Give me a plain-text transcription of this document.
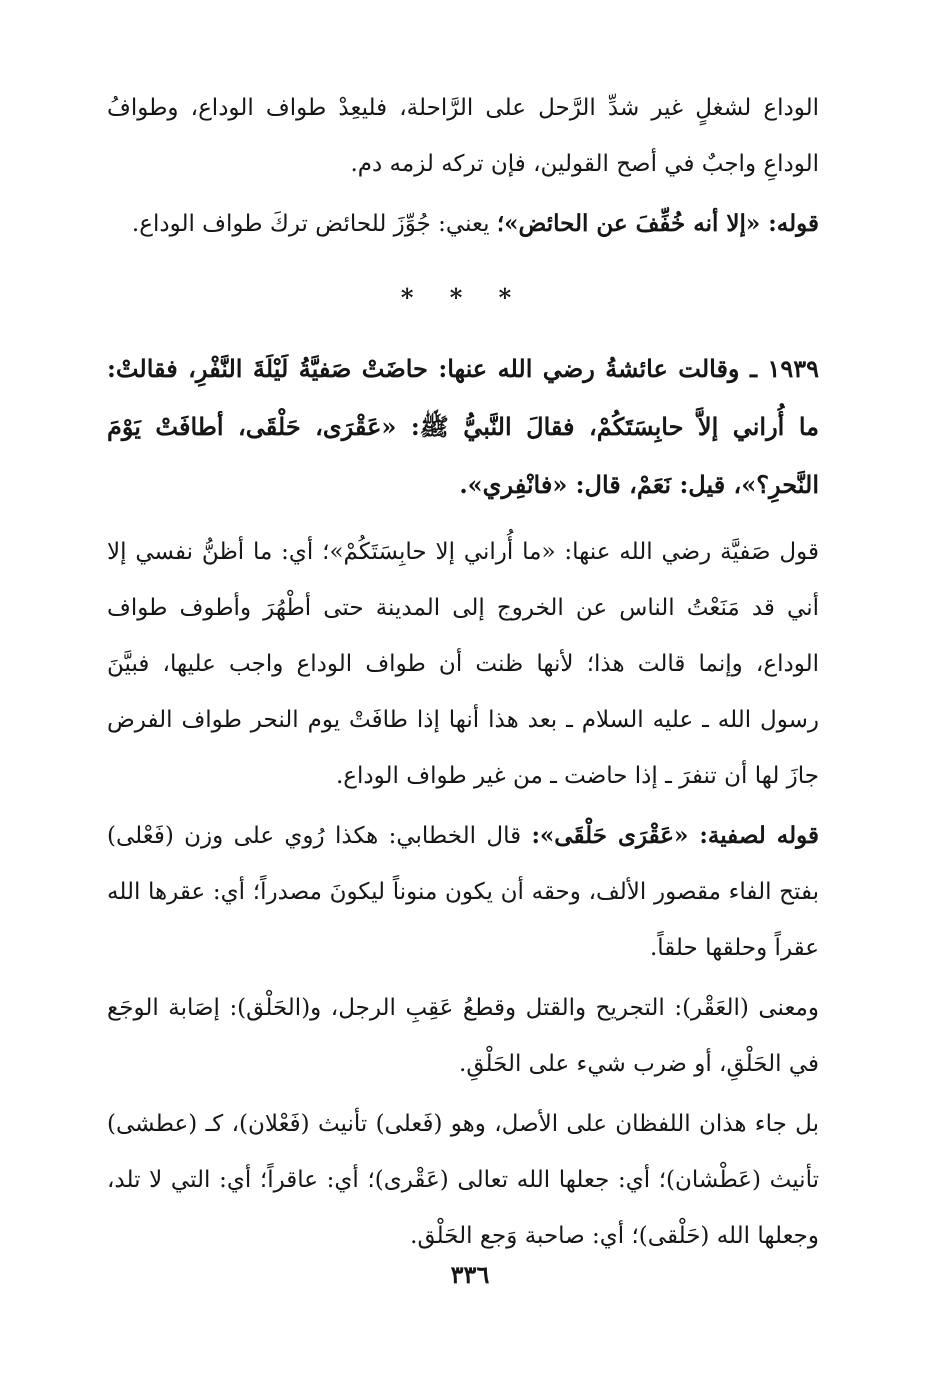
الوداع لشغلٍ غير شدِّ الرَّحل على الرَّاحلة، فليعِدْ طواف الوداع، وطوافُ الوداعِ واجبٌ في أصح القولين، فإن تركه لزمه دم.

قوله: «إلا أنه خُفِّفَ عن الحائض»؛ يعني: جُوِّزَ للحائض تركَ طواف الوداع.

* * *

١٩٣٩ ـ وقالت عائشةُ رضي الله عنها: حاضَتْ صَفيَّةُ لَيْلَةَ النَّفْرِ، فقالتْ: ما أُراني إلاَّ حابِسَتَكُمْ، فقالَ النَّبيُّ ﷺ: «عَقْرَى، حَلْقَى، أطافَتْ يَوْمَ النَّحرِ؟»، قيل: نَعَمْ، قال: «فانْفِري».

قول صَفيَّة رضي الله عنها: «ما أُراني إلا حابِسَتَكُمْ»؛ أي: ما أظنُّ نفسي إلا أني قد مَنَعْتُ الناس عن الخروج إلى المدينة حتى أطْهُرَ وأطوف طواف الوداع، وإنما قالت هذا؛ لأنها ظنت أن طواف الوداع واجب عليها، فبيَّنَ رسول الله ـ عليه السلام ـ بعد هذا أنها إذا طافَتْ يوم النحر طواف الفرض جازَ لها أن تنفرَ ـ إذا حاضت ـ من غير طواف الوداع.

قوله لصفية: «عَقْرَى حَلْقَى»: قال الخطابي: هكذا رُوي على وزن (فَعْلى) بفتح الفاء مقصور الألف، وحقه أن يكون منوناً ليكونَ مصدراً؛ أي: عقرها الله عقراً وحلقها حلقاً.

ومعنى (العَقْر): التجريح والقتل وقطعُ عَقِبِ الرجل، و(الحَلْق): إصَابة الوجَع في الحَلْقِ، أو ضرب شيء على الحَلْقِ.

بل جاء هذان اللفظان على الأصل، وهو (فَعلى) تأنيث (فَعْلان)، كـ (عطشى) تأنيث (عَطْشان)؛ أي: جعلها الله تعالى (عَقْرى)؛ أي: عاقراً؛ أي: التي لا تلد، وجعلها الله (حَلْقى)؛ أي: صاحبة وَجع الحَلْق.

٣٣٦
